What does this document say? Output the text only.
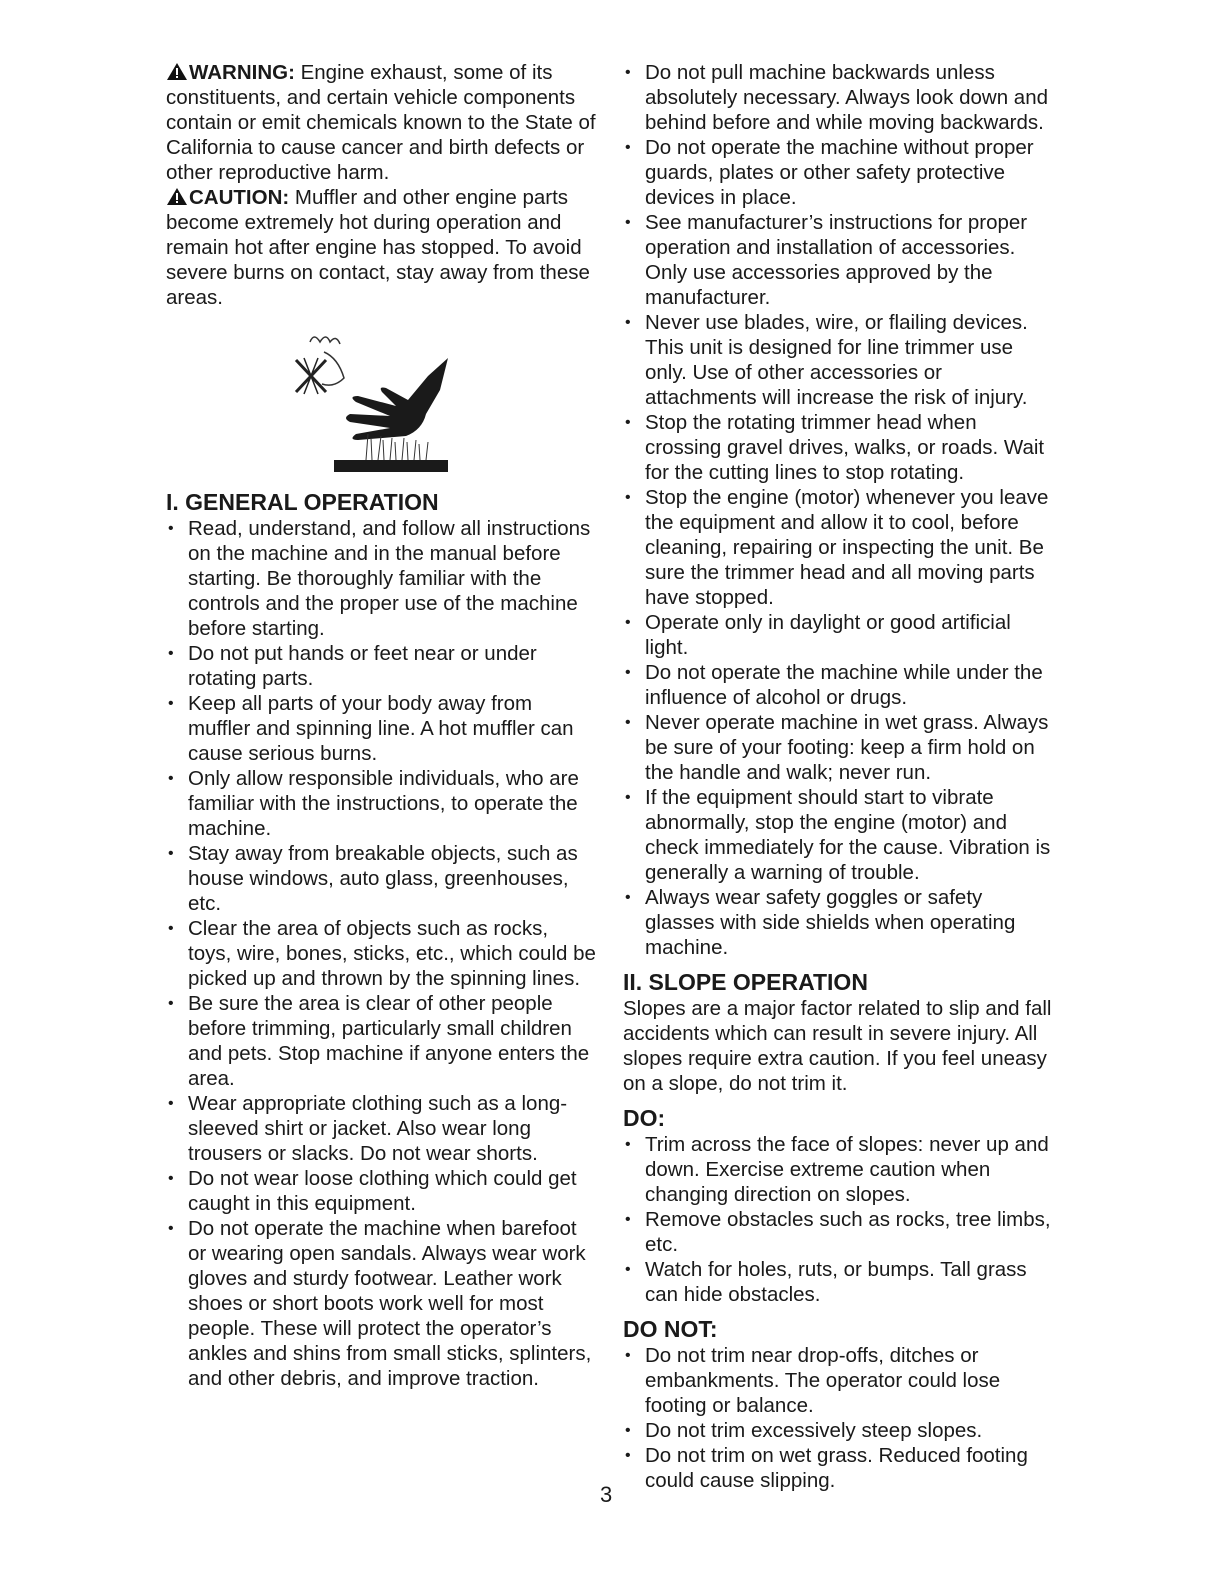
WARNING: Engine exhaust, some of its constituents, and certain vehicle components contain or emit chemicals known to the State of California to cause cancer and birth defects or other reproductive harm.

CAUTION: Muffler and other engine parts become extremely hot during operation and remain hot after engine has stopped. To avoid severe burns on contact, stay away from these areas.

I. GENERAL OPERATION
• Read, understand, and follow all instructions on the machine and in the manual before starting. Be thoroughly familiar with the controls and the proper use of the machine before starting.
• Do not put hands or feet near or under rotating parts.
• Keep all parts of your body away from muffler and spinning line. A hot muffler can cause serious burns.
• Only allow responsible individuals, who are familiar with the instructions, to operate the machine.
• Stay away from breakable objects, such as house windows, auto glass, greenhouses, etc.
• Clear the area of objects such as rocks, toys, wire, bones, sticks, etc., which could be picked up and thrown by the spinning lines.
• Be sure the area is clear of other people before trimming, particularly small children and pets. Stop machine if anyone enters the area.
• Wear appropriate clothing such as a long-sleeved shirt or jacket. Also wear long trousers or slacks. Do not wear shorts.
• Do not wear loose clothing which could get caught in this equipment.
• Do not operate the machine when barefoot or wearing open sandals. Always wear work gloves and sturdy footwear. Leather work shoes or short boots work well for most people. These will protect the operator’s ankles and shins from small sticks, splinters, and other debris, and improve traction.
• Do not pull machine backwards unless absolutely necessary. Always look down and behind before and while moving backwards.
• Do not operate the machine without proper guards, plates or other safety protective devices in place.
• See manufacturer’s instructions for proper operation and installation of accessories. Only use accessories approved by the manufacturer.
• Never use blades, wire, or flailing devices. This unit is designed for line trimmer use only. Use of other accessories or attachments will increase the risk of injury.
• Stop the rotating trimmer head when crossing gravel drives, walks, or roads. Wait for the cutting lines to stop rotating.
• Stop the engine (motor) whenever you leave the equipment and allow it to cool, before cleaning, repairing or inspecting the unit. Be sure the trimmer head and all moving parts have stopped.
• Operate only in daylight or good artificial light.
• Do not operate the machine while under the influence of alcohol or drugs.
• Never operate machine in wet grass. Always be sure of your footing: keep a firm hold on the handle and walk; never run.
• If the equipment should start to vibrate abnormally, stop the engine (motor) and check immediately for the cause. Vibration is generally a warning of trouble.
• Always wear safety goggles or safety glasses with side shields when operating machine.
II. SLOPE OPERATION

Slopes are a major factor related to slip and fall accidents which can result in severe injury. All slopes require extra caution. If you feel uneasy on a slope, do not trim it.

DO:
• Trim across the face of slopes: never up and down. Exercise extreme caution when changing direction on slopes.
• Remove obstacles such as rocks, tree limbs, etc.
• Watch for holes, ruts, or bumps. Tall grass can hide obstacles.
DO NOT:
• Do not trim near drop-offs, ditches or embankments. The operator could lose footing or balance.
• Do not trim excessively steep slopes.
• Do not trim on wet grass. Reduced footing could cause slipping.
3
